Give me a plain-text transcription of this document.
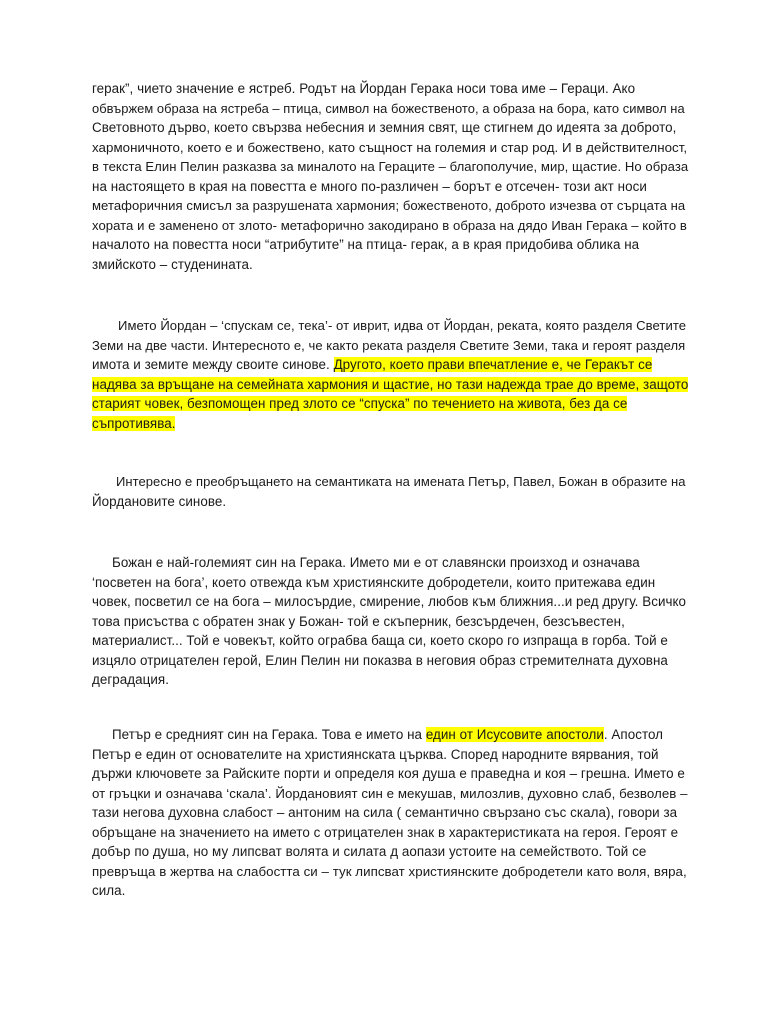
герак”, чието значение е ястреб. Родът на Йордан Герака носи това име – Гераци. Ако
обвържем образа на ястреба – птица, символ на божественото, а образа на бора, като символ на
Световното дърво, което свързва небесния и земния свят, ще стигнем до идеята за доброто,
хармоничното, което е и божествено, като същност на големия и стар род. И в действителност,
в текста Елин Пелин разказва за миналото на Гераците – благополучие, мир, щастие. Но образа
на настоящето в края на повестта е много по-различен – борът е отсечен- този акт носи
метафоричния смисъл за разрушената хармония; божественото, доброто изчезва от сърцата на
хората и е заменено от злото- метафорично закодирано в образа на дядо Иван Герака – който в
началото на повестта носи “атрибутите” на птица- герак, а в края придобива облика на
змийското – студенината.

Името Йордан – ‘спускам се, тека’- от иврит, идва от Йордан, реката, която разделя Светите
Земи на две части. Интересното е, че както реката разделя Светите Земи, така и героят разделя
имота и земите между своите синове. Другото, което прави впечатление е, че Геракът се
надява за връщане на семейната хармония и щастие, но тази надежда трае до време, защото
старият човек, безпомощен пред злото се “спуска” по течението на живота, без да се
съпротивява.

Интересно е преобръщането на семантиката на имената Петър, Павел, Божан в образите на
Йордановите синове.

Божан е най-големият син на Герака. Името ми е от славянски произход и означава
‘посветен на бога’, което отвежда към християнските добродетели, които притежава един
човек, посветил се на бога – милосърдие, смирение, любов към ближния...и ред другу. Всичко
това присъства с обратен знак у Божан- той е скъперник, безсърдечен, безсъвестен,
материалист... Той е човекът, който ограбва баща си, което скоро го изпраща в горба. Той е
изцяло отрицателен герой, Елин Пелин ни показва в неговия образ стремителната духовна
деградация.

Петър е средният син на Герака. Това е името на един от Исусовите апостоли. Апостол
Петър е един от основателите на християнската църква. Според народните вярвания, той
държи ключовете за Райските порти и определя коя душа е праведна и коя – грешна. Името е
от гръцки и означава ‘скала’. Йордановият син е мекушав, милозлив, духовно слаб, безволев –
тази негова духовна слабост – антоним на сила ( семантично свързано със скала), говори за
обръщане на значението на името с отрицателен знак в характеристиката на героя. Героят е
добър по душа, но му липсват волята и силата д аопази устоите на семейството. Той се
превръща в жертва на слабостта си – тук липсват християнските добродетели като воля, вяра,
сила.
